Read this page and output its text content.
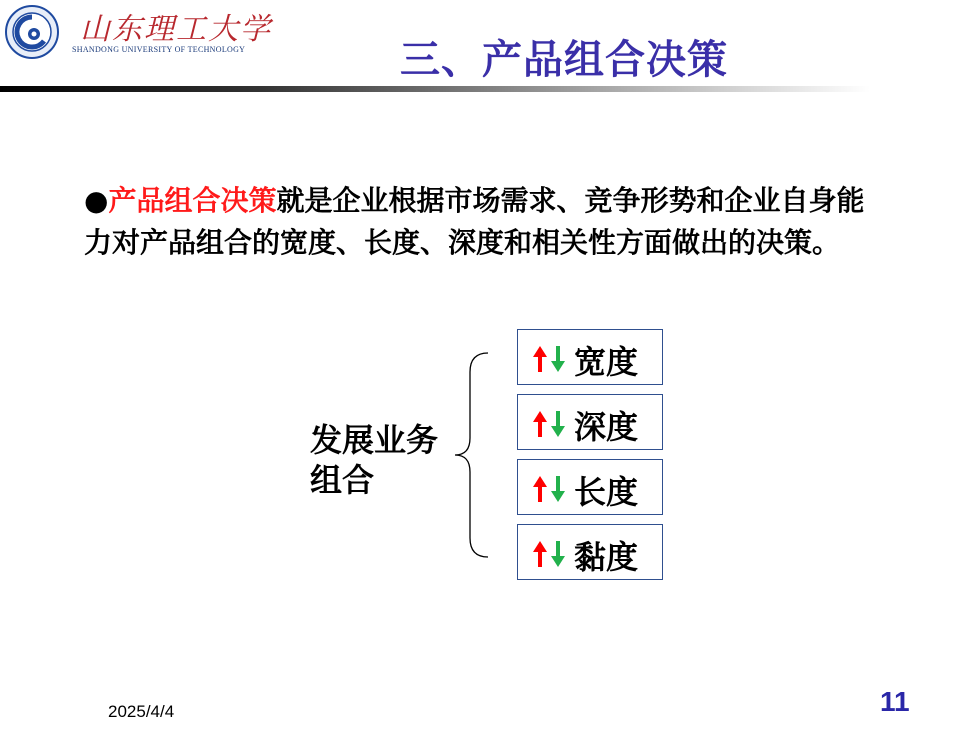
山东理工大学
SHANDONG UNIVERSITY OF TECHNOLOGY	三、产品组合决策
●产品组合决策就是企业根据市场需求、竞争形势和企业自身能力对产品组合的宽度、长度、深度和相关性方面做出的决策。
发展业务组合
宽度
深度
长度
黏度
2025/4/4	11
